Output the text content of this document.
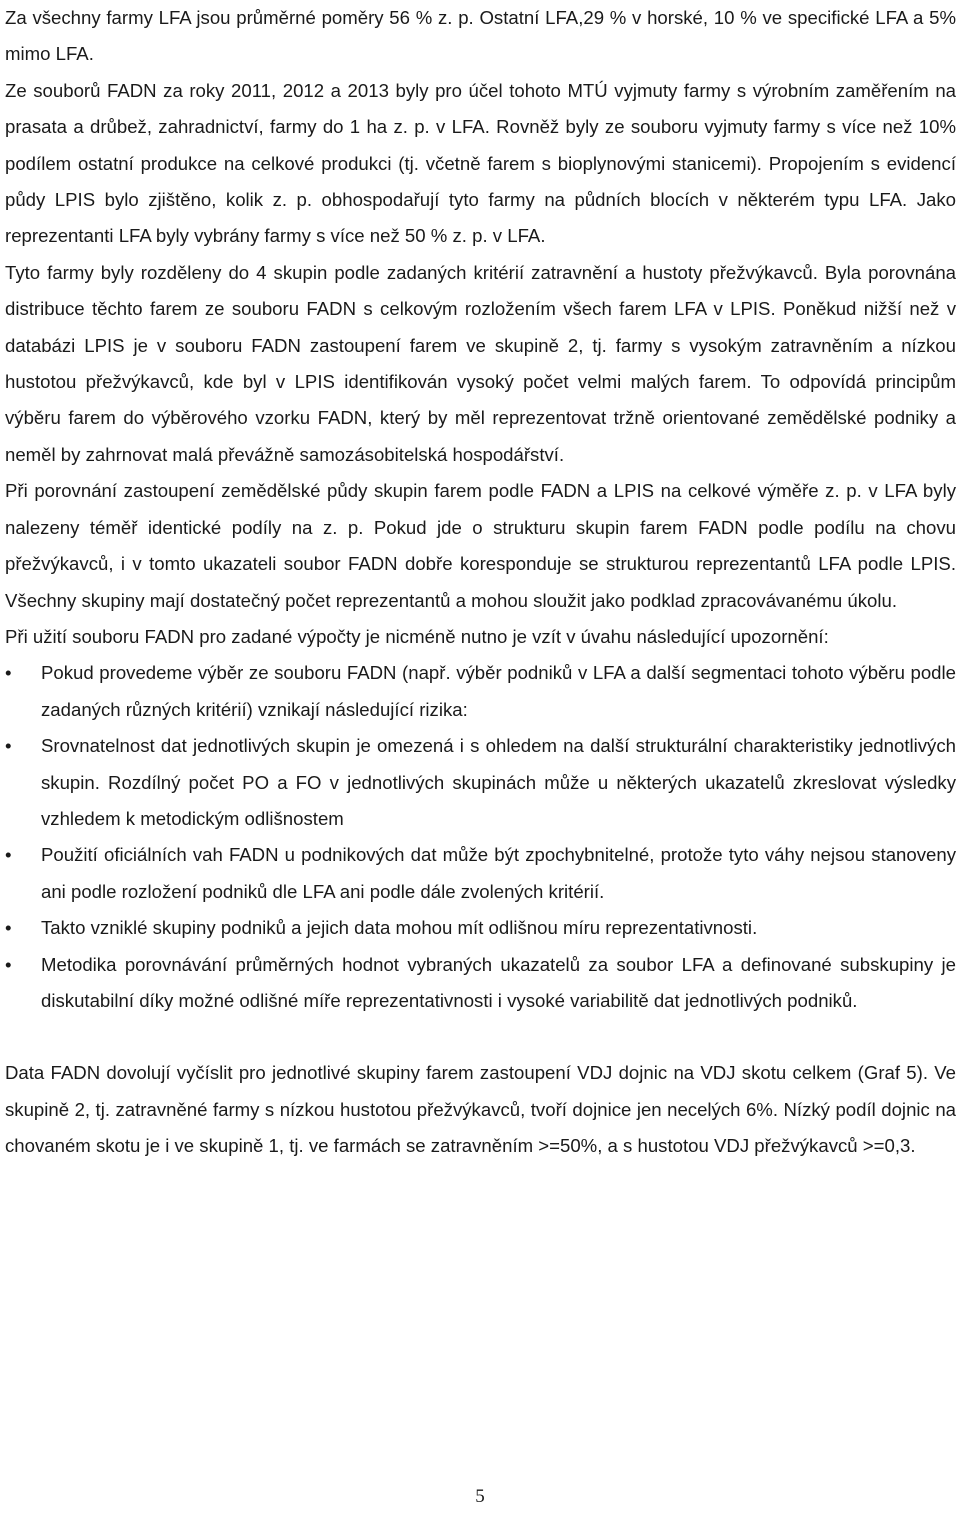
Za všechny farmy LFA jsou průměrné poměry 56 % z. p. Ostatní LFA,29 % v horské, 10 % ve specifické LFA a 5% mimo LFA.

Ze souborů FADN za roky 2011, 2012 a 2013 byly pro účel tohoto MTÚ vyjmuty farmy s výrobním zaměřením na prasata a drůbež, zahradnictví, farmy do 1 ha z. p. v LFA. Rovněž byly ze souboru vyjmuty farmy s více než 10% podílem ostatní produkce na celkové produkci (tj. včetně farem s bioplynovými stanicemi). Propojením s evidencí půdy LPIS bylo zjištěno, kolik z. p. obhospodařují tyto farmy na půdních blocích v některém typu LFA. Jako reprezentanti LFA byly vybrány farmy s více než 50 % z. p. v LFA.

Tyto farmy byly rozděleny do 4 skupin podle zadaných kritérií zatravnění a hustoty přežvýkavců. Byla porovnána distribuce těchto farem ze souboru FADN s celkovým rozložením všech farem LFA v LPIS. Poněkud nižší než v databázi LPIS je v souboru FADN zastoupení farem ve skupině 2, tj. farmy s vysokým zatravněním a nízkou hustotou přežvýkavců, kde byl v LPIS identifikován vysoký počet velmi malých farem. To odpovídá principům výběru farem do výběrového vzorku FADN, který by měl reprezentovat tržně orientované zemědělské podniky a neměl by zahrnovat malá převážně samozásobitelská hospodářství.

Při porovnání zastoupení zemědělské půdy skupin farem podle FADN a LPIS na celkové výměře z. p. v LFA byly nalezeny téměř identické podíly na z. p. Pokud jde o strukturu skupin farem FADN podle podílu na chovu přežvýkavců, i v tomto ukazateli soubor FADN dobře koresponduje se strukturou reprezentantů LFA podle LPIS. Všechny skupiny mají dostatečný počet reprezentantů a mohou sloužit jako podklad zpracovávanému úkolu.

Při užití souboru FADN pro zadané výpočty je nicméně nutno je vzít v úvahu následující upozornění:

•	Pokud provedeme výběr ze souboru FADN (např. výběr podniků v LFA a další segmentaci tohoto výběru podle zadaných různých kritérií) vznikají následující rizika:
•	Srovnatelnost dat jednotlivých skupin je omezená i s ohledem na další strukturální charakteristiky jednotlivých skupin. Rozdílný počet PO a FO v jednotlivých skupinách může u některých ukazatelů zkreslovat výsledky vzhledem k metodickým odlišnostem
•	Použití oficiálních vah FADN u podnikových dat může být zpochybnitelné, protože tyto váhy nejsou stanoveny ani podle rozložení podniků dle LFA ani podle dále zvolených kritérií.
•	Takto vzniklé skupiny podniků a jejich data mohou mít odlišnou míru reprezentativnosti.
•	Metodika porovnávání průměrných hodnot vybraných ukazatelů za soubor LFA a definované subskupiny je diskutabilní díky možné odlišné míře reprezentativnosti i vysoké variabilitě dat jednotlivých podniků.

Data FADN dovolují vyčíslit pro jednotlivé skupiny farem zastoupení VDJ dojnic na VDJ skotu celkem (Graf 5). Ve skupině 2, tj. zatravněné farmy s nízkou hustotou přežvýkavců, tvoří dojnice jen necelých 6%. Nízký podíl dojnic na chovaném skotu je i ve skupině 1, tj. ve farmách se zatravněním >=50%, a s hustotou VDJ přežvýkavců >=0,3.

5
